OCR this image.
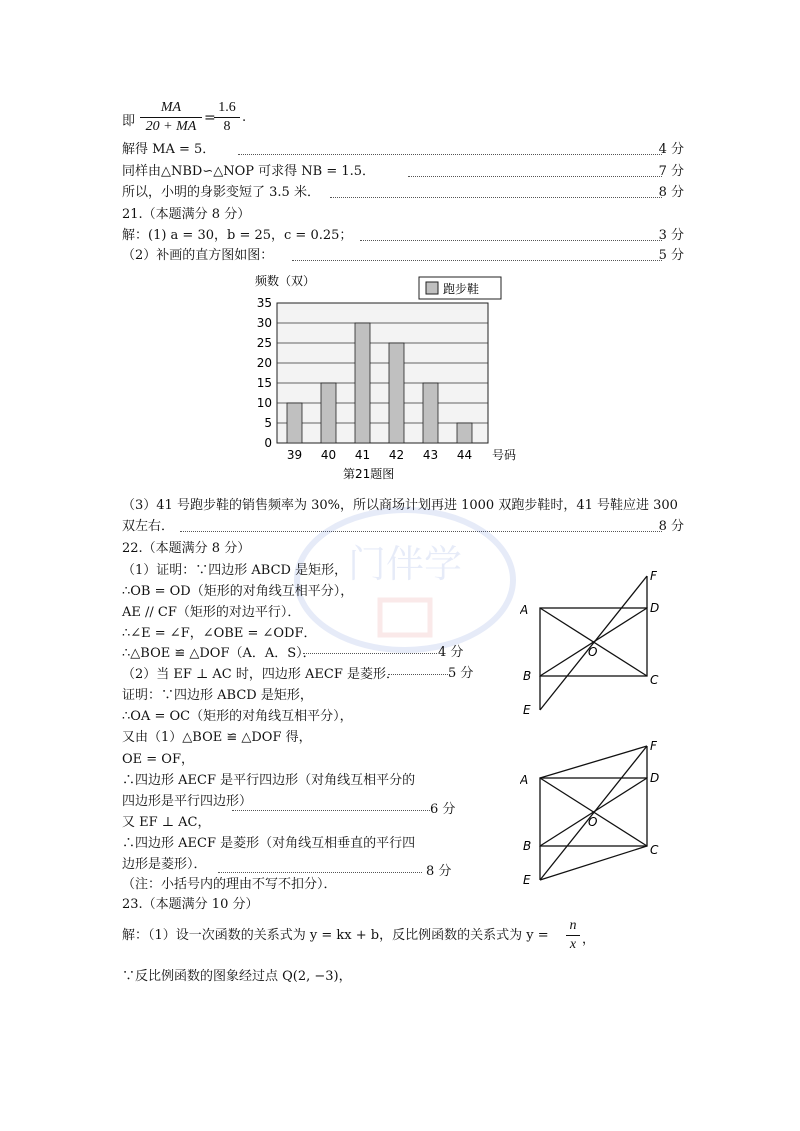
即
MA
20 + MA
=
1.6
8
.
解得 MA = 5．	4 分
同样由△NBD∽△NOP 可求得 NB = 1.5．	7 分
所以，小明的身影变短了 3.5 米．	8 分
21.（本题满分 8 分）
解：(1) a = 30，b = 25，c = 0.25；	3 分
（2）补画的直方图如图：	5 分
0
5
10
15
20
25
30
35
39 40 41 42 43 44
频数（双）
号码
跑步鞋
第21题图
（3）41 号跑步鞋的销售频率为 30%，所以商场计划再进 1000 双跑步鞋时，41 号鞋应进 300
双左右．	8 分
门伴学
22.（本题满分 8 分）
（1）证明：∵四边形 ABCD 是矩形，
∴OB = OD（矩形的对角线互相平分），
AE // CF（矩形的对边平行）．
∴∠E = ∠F，∠OBE = ∠ODF．
∴△BOE ≌ △DOF（A．A．S）．
（2）当 EF ⊥ AC 时，四边形 AECF 是菱形．
证明：∵四边形 ABCD 是矩形，
∴OA = OC（矩形的对角线互相平分），
又由（1）△BOE ≌ △DOF 得，
OE = OF，
∴四边形 AECF 是平行四边形（对角线互相平分的
四边形是平行四边形）
又 EF ⊥ AC，
∴四边形 AECF 是菱形（对角线互相垂直的平行四
边形是菱形）．
（注：小括号内的理由不写不扣分）．
4 分
5 分
6 分
8 分
A
B	C
D
E
F
O
A
B	C
D
E
F
O
23.（本题满分 10 分）
解：（1）设一次函数的关系式为 y = kx + b，反比例函数的关系式为 y =
n
x ，
∵反比例函数的图象经过点 Q(2, −3)，
